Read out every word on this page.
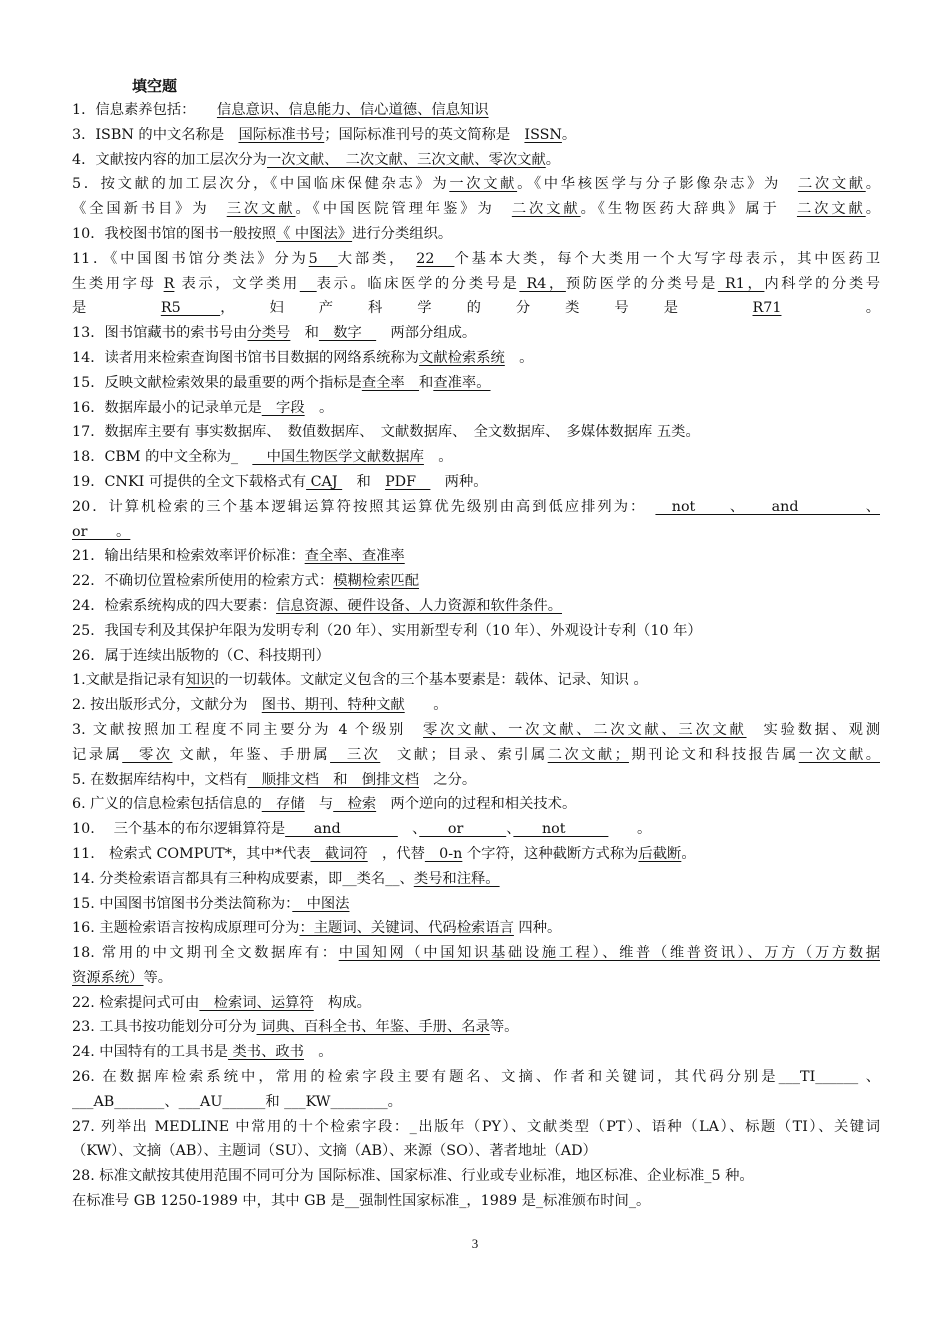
填空题
1．信息素养包括：　　信息意识、信息能力、信心道德、信息知识
3．ISBN 的中文名称是　国际标准书号；国际标准刊号的英文简称是　ISSN。
4．文献按内容的加工层次分为一次文献、　二次文献、三次文献、零次文献。
5．按文献的加工层次分，《中国临床保健杂志》为一次文献。《中华核医学与分子影像杂志》为　二次文献。
《全国新书目》为　三次文献。《中国医院管理年鉴》为　二次文献。《生物医药大辞典》属于　二次文献。
10．我校图书馆的图书一般按照《 中图法》进行分类组织。
11．《中国图书馆分类法》分为5　大部类，　22　个基本大类，每个大类用一个大写字母表示，其中医药卫
生类用字母 R 表示，文学类用　 表示。临床医学的分类号是 R4，预防医学的分类号是 R1，内科学的分类号
是 R5 ，妇产科学的分类号是 R71　。
13．图书馆藏书的索书号由分类号　和　数字　　两部分组成。
14．读者用来检索查询图书馆书目数据的网络系统称为文献检索系统　。
15．反映文献检索效果的最重要的两个指标是查全率　和查准率。
16．数据库最小的记录单元是　字段　。
17．数据库主要有 事实数据库、　数值数据库、　文献数据库、　全文数据库、　多媒体数据库 五类。
18．CBM 的中文全称为_　　中国生物医学文献数据库　。
19．CNKI 可提供的全文下载格式有 CAJ 　和　PDF　　两种。
20．计算机检索的三个基本逻辑运算符按照其运算优先级别由高到低应排列为：　　not　　、　　and　　　　、
or　　。
21．输出结果和检索效率评价标准：查全率、查准率
22．不确切位置检索所使用的检索方式：模糊检索匹配
24．检索系统构成的四大要素：信息资源、硬件设备、人力资源和软件条件。
25．我国专利及其保护年限为发明专利（20 年）、实用新型专利（10 年）、外观设计专利（10 年）
26．属于连续出版物的（C、科技期刊）
1.文献是指记录有知识的一切载体。文献定义包含的三个基本要素是：载体、记录、知识 。
2. 按出版形式分，文献分为　图书、期刊、特种文献　　。
3. 文献按照加工程度不同主要分为 4 个级别　零次文献、一次文献、二次文献、三次文献　实验数据、观测
记录属　零次 文献，年鉴、手册属　三次　文献；目录、索引属二次文献；期刊论文和科技报告属一次文献。
5. 在数据库结构中，文档有　顺排文档　和　倒排文档　之分。
6. 广义的信息检索包括信息的　存储　与　检索　两个逆向的过程和相关技术。
10.　 三个基本的布尔逻辑算符是　　and　　　　　、　　or　　　、　　not　　　　　。
11.　检索式 COMPUT*，其中*代表　截词符　，代替　0-n 个字符，这种截断方式称为后截断。
14. 分类检索语言都具有三种构成要素，即__类名__、类号和注释。
15. 中国图书馆图书分类法简称为：　中图法
16. 主题检索语言按构成原理可分为：主题词、关键词、代码检索语言 四种。
18. 常用的中文期刊全文数据库有：中国知网（中国知识基础设施工程）、维普（维普资讯）、万方（万方数据
资源系统）等。
22. 检索提问式可由　检索词、运算符　构成。
23. 工具书按功能划分可分为 词典、百科全书、年鉴、手册、名录等。
24. 中国特有的工具书是 类书、政书　。
26. 在数据库检索系统中，常用的检索字段主要有题名、文摘、作者和关键词，其代码分别是___TI______ 、
___AB_______、___AU______和 ___KW________。
27. 列举出 MEDLINE 中常用的十个检索字段：_出版年（PY）、文献类型（PT）、语种（LA）、标题（TI）、关键词
（KW）、文摘（AB）、主题词（SU）、文摘（AB）、来源（SO）、著者地址（AD）
28. 标准文献按其使用范围不同可分为 国际标准、国家标准、行业或专业标准，地区标准、企业标准_5 种。
在标准号 GB 1250-1989 中，其中 GB 是__强制性国家标准_，1989 是_标准颁布时间_。
3
